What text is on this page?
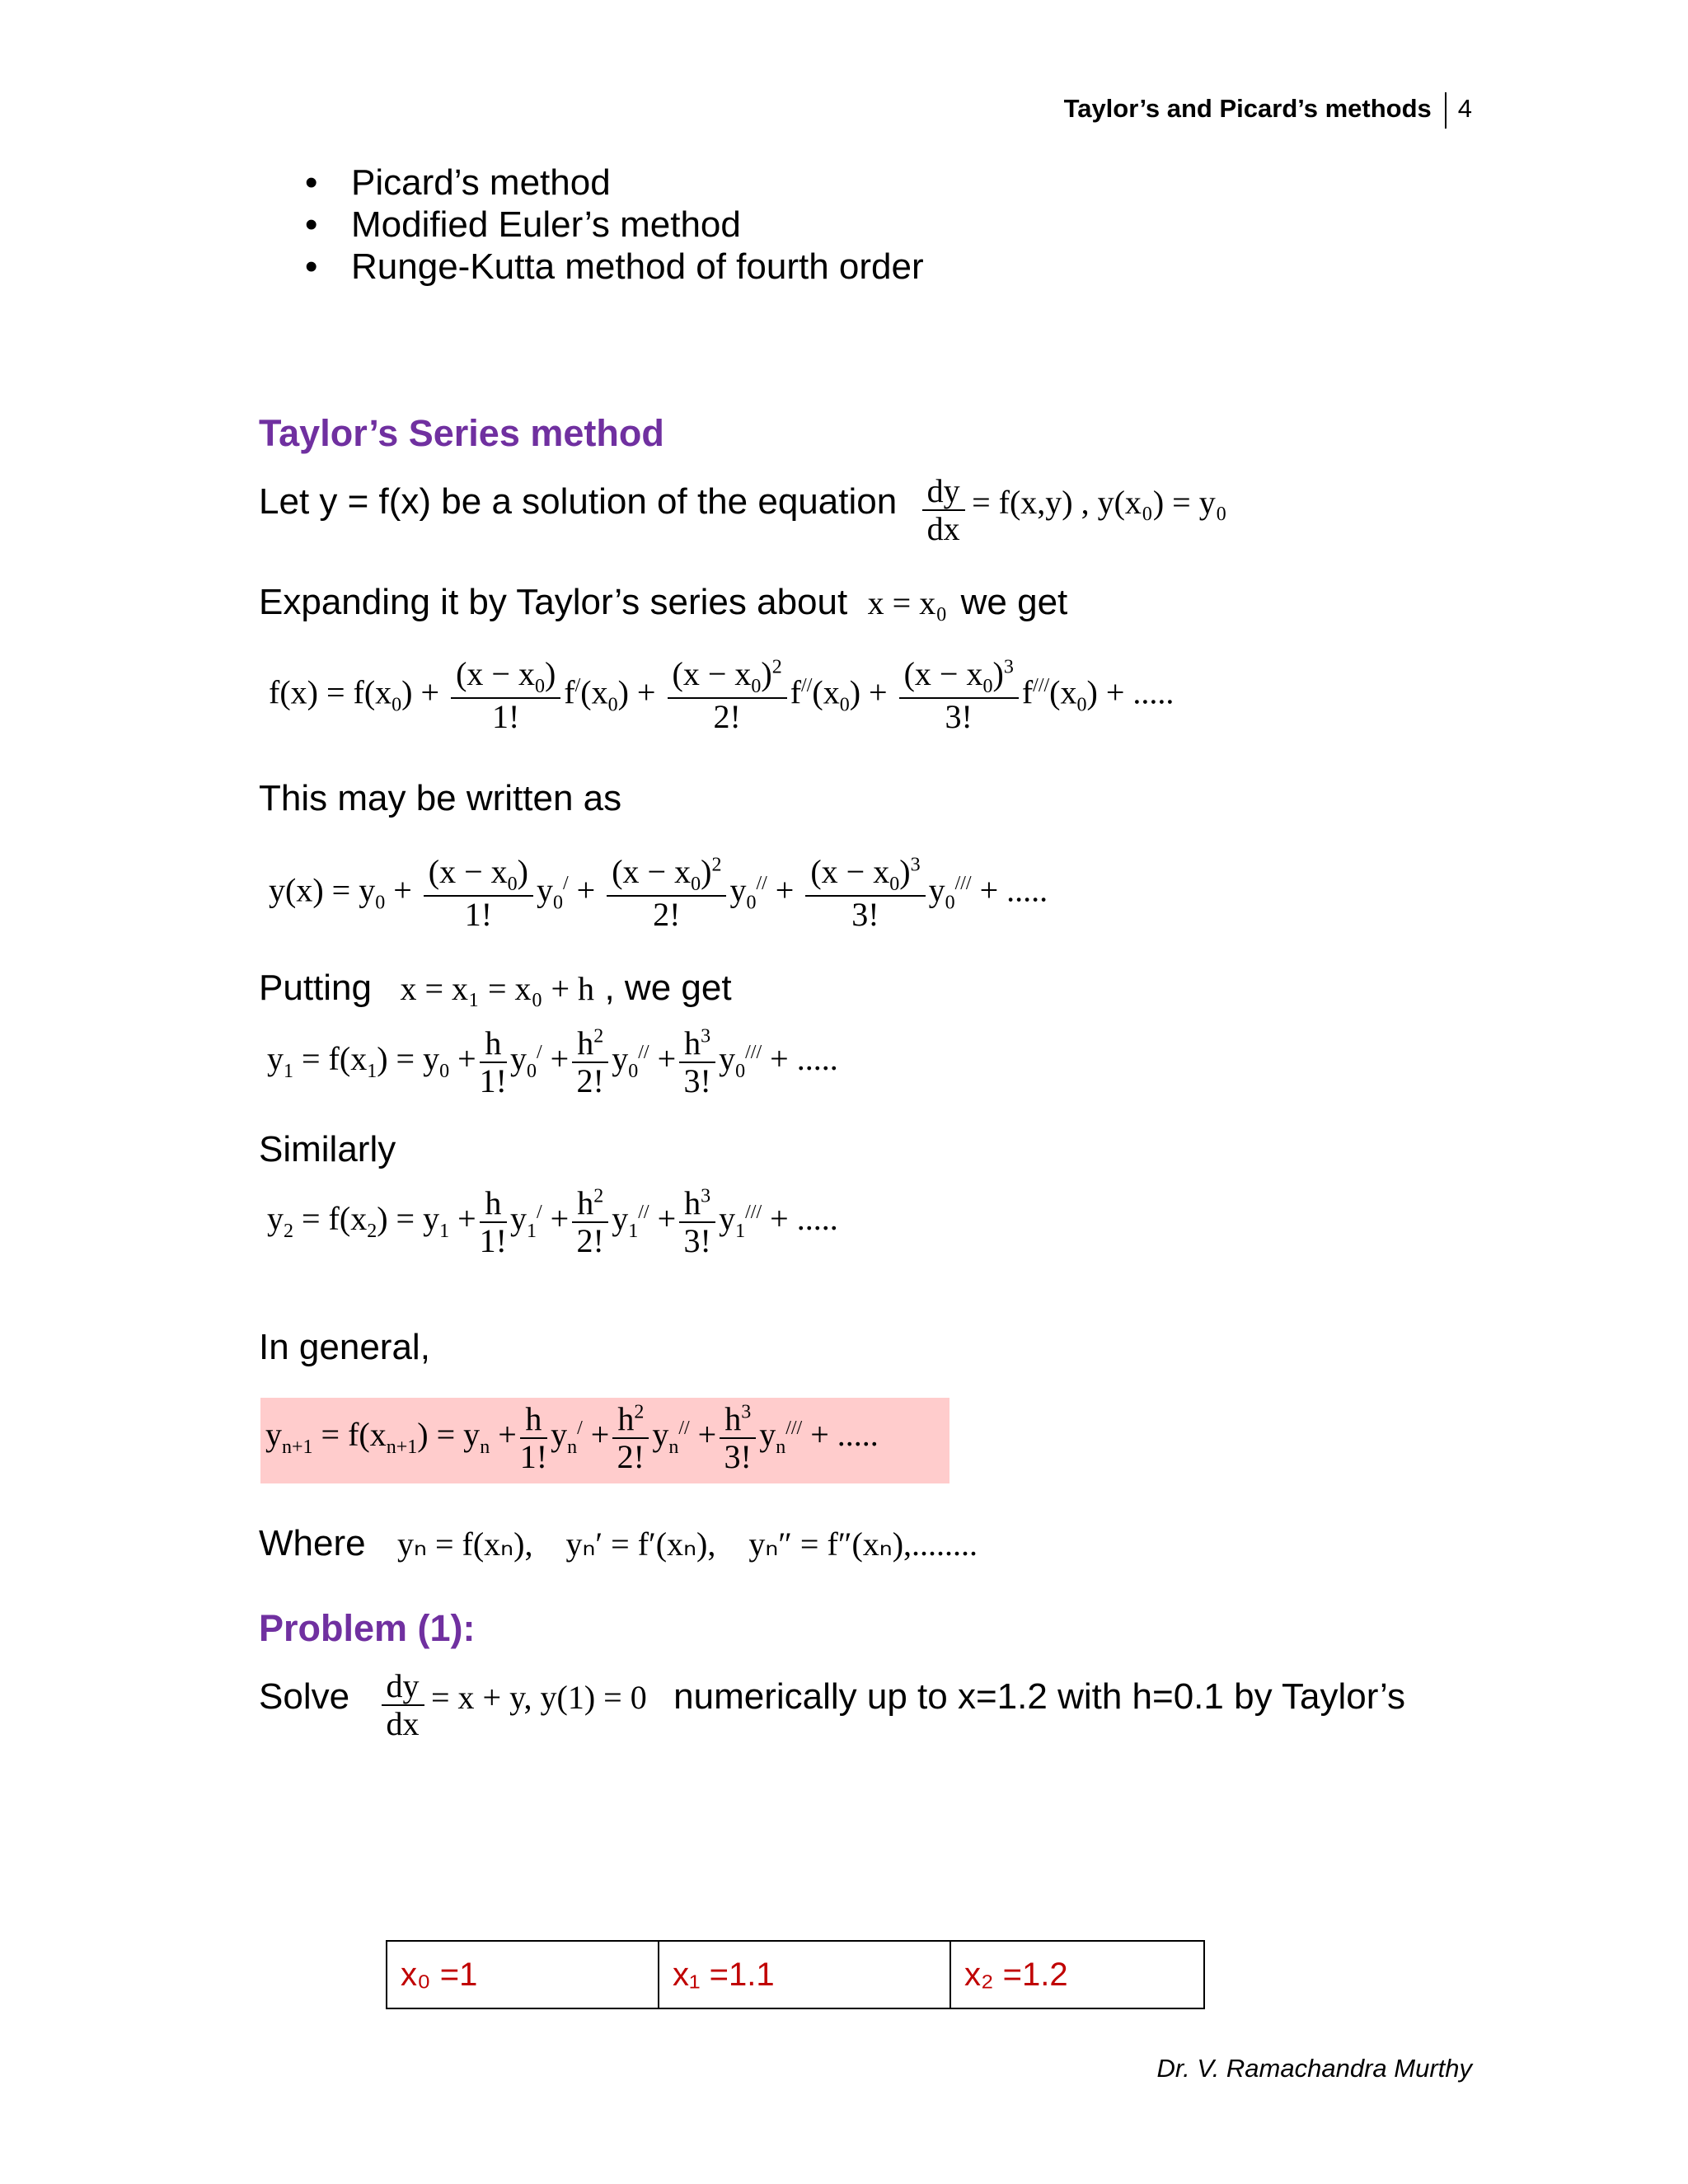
Taylor’s and Picard’s methods 4
• Picard’s method
• Modified Euler’s method
• Runge-Kutta method of fourth order
Taylor’s Series method
Let y = f(x) be a solution of the equation $\frac{dy}{dx} = f(x,y)$ , y(x₀) = y₀
Expanding it by Taylor’s series about x = x₀ we get
$f(x) = f(x_0) + \frac{(x - x_0)}{1!} f^/(x_0) + \frac{(x - x_0)^2}{2!} f^{//}(x_0) + \frac{(x - x_0)^3}{3!} f^{///}(x_0)$ + .....
This may be written as
$y(x) = y_0 + \frac{(x - x_0)}{1!} y_0^/ + \frac{(x - x_0)^2}{2!} y_0^{//} + \frac{(x - x_0)^3}{3!} y_0^{///}$ + .....
Putting x = x₁ = x₀ + h , we get
$y_1 = f(x_1) = y_0 + \frac{h}{1!} y_0^/ + \frac{h^2}{2!} y_0^{//} + \frac{h^3}{3!} y_0^{///}$ + .....
Similarly
$y_2 = f(x_2) = y_1 + \frac{h}{1!} y_1^/ + \frac{h^2}{2!} y_1^{//} + \frac{h^3}{3!} y_1^{///}$ + .....
In general,
$y_{n+1} = f(x_{n+1}) = y_n + \frac{h}{1!} y_n^/ + \frac{h^2}{2!} y_n^{//} + \frac{h^3}{3!} y_n^{///}$ + .....
Where yₙ = f(xₙ),    yₙ′ = f′(xₙ),    yₙ″ = f″(xₙ),........
Problem (1):
Solve $\frac{dy}{dx} = x + y$, y(1) = 0 numerically up to x=1.2 with h=0.1 by Taylor’s
x₀ =1	x₁ =1.1	x₂ =1.2
Dr. V. Ramachandra Murthy
